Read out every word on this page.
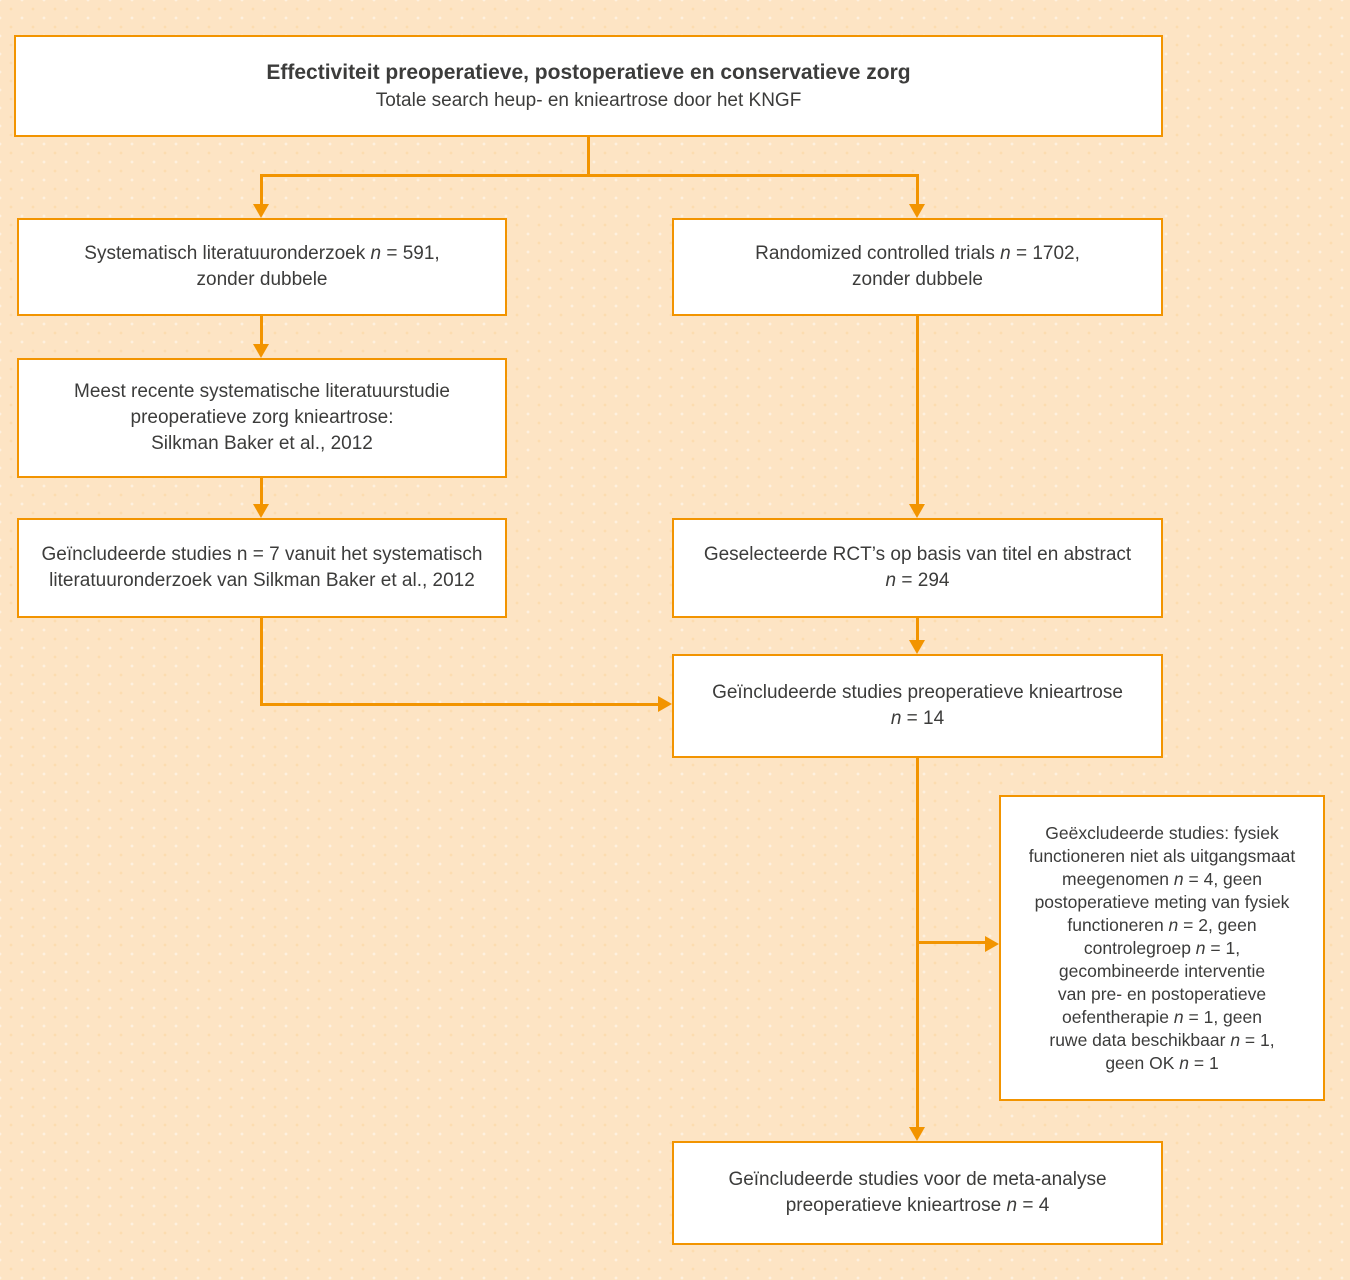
Effectiviteit preoperatieve, postoperatieve en conservatieve zorg
Totale search heup- en knieartrose door het KNGF
Systematisch literatuuronderzoek n = 591,
zonder dubbele
Randomized controlled trials n = 1702,
zonder dubbele
Meest recente systematische literatuurstudie
preoperatieve zorg knieartrose:
Silkman Baker et al., 2012
Geïncludeerde studies n = 7 vanuit het systematisch
literatuuronderzoek van Silkman Baker et al., 2012
Geselecteerde RCT’s op basis van titel en abstract
n = 294
Geïncludeerde studies preoperatieve knieartrose
n = 14
Geëxcludeerde studies: fysiek
functioneren niet als uitgangsmaat
meegenomen n = 4, geen
postoperatieve meting van fysiek
functioneren n = 2, geen
controlegroep n = 1,
gecombineerde interventie
van pre- en postoperatieve
oefentherapie n = 1, geen
ruwe data beschikbaar n = 1,
geen OK n = 1
Geïncludeerde studies voor de meta-analyse
preoperatieve knieartrose n = 4
